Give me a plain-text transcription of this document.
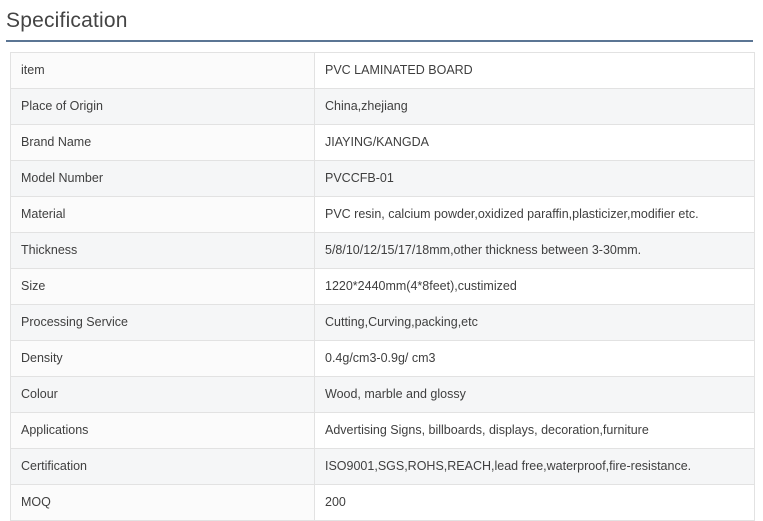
Specification
item	PVC LAMINATED BOARD
Place of Origin	China,zhejiang
Brand Name	JIAYING/KANGDA
Model Number	PVCCFB-01
Material	PVC resin, calcium powder,oxidized paraffin,plasticizer,modifier etc.
Thickness	5/8/10/12/15/17/18mm,other thickness between 3-30mm.
Size	1220*2440mm(4*8feet),custimized
Processing Service	Cutting,Curving,packing,etc
Density	0.4g/cm3-0.9g/ cm3
Colour	Wood, marble and glossy
Applications	Advertising Signs, billboards, displays, decoration,furniture
Certification	ISO9001,SGS,ROHS,REACH,lead free,waterproof,fire-resistance.
MOQ	200
